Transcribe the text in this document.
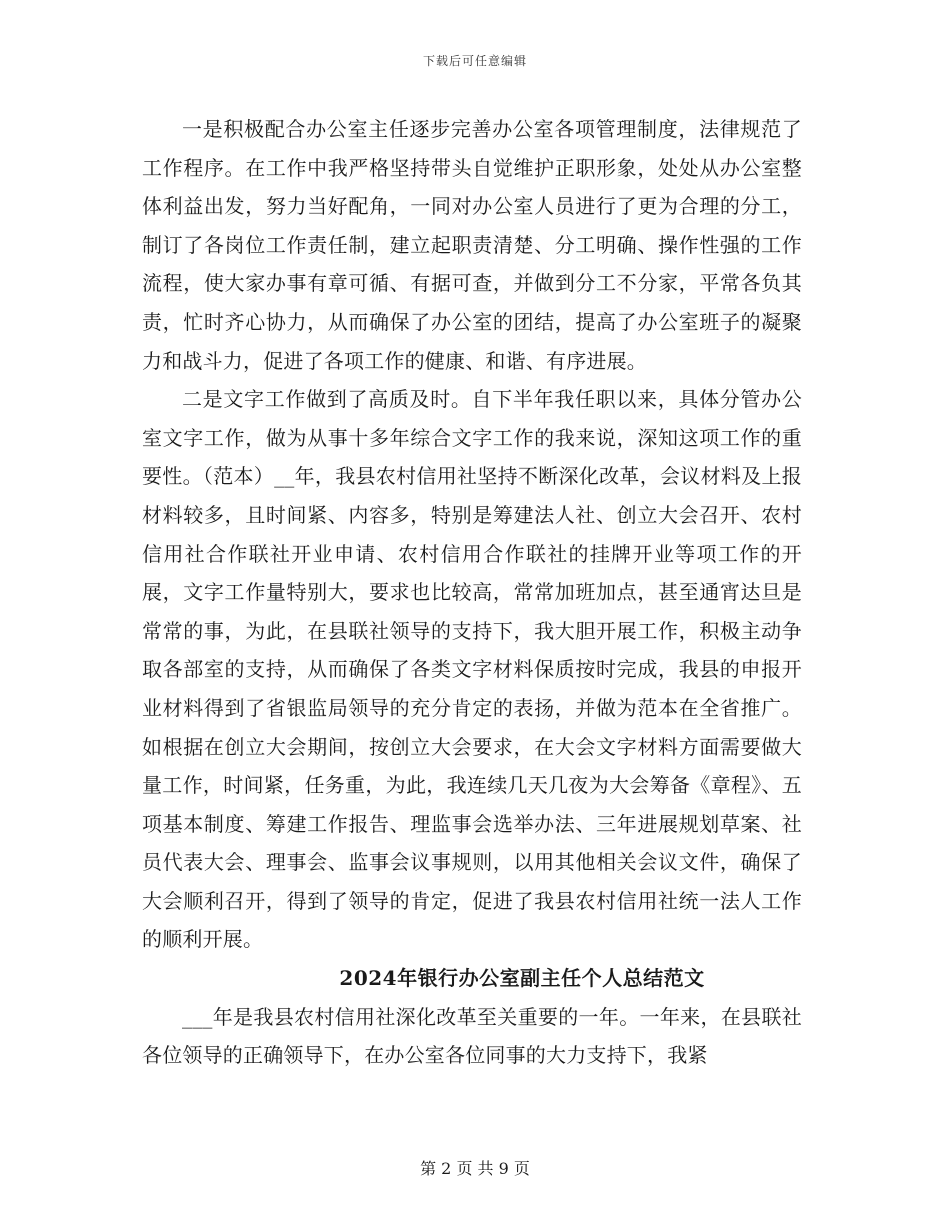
下载后可任意编辑

一是积极配合办公室主任逐步完善办公室各项管理制度，法律规范了工作程序。在工作中我严格坚持带头自觉维护正职形象，处处从办公室整体利益出发，努力当好配角，一同对办公室人员进行了更为合理的分工，制订了各岗位工作责任制，建立起职责清楚、分工明确、操作性强的工作流程，使大家办事有章可循、有据可查，并做到分工不分家，平常各负其责，忙时齐心协力，从而确保了办公室的团结，提高了办公室班子的凝聚力和战斗力，促进了各项工作的健康、和谐、有序进展。

二是文字工作做到了高质及时。自下半年我任职以来，具体分管办公室文字工作，做为从事十多年综合文字工作的我来说，深知这项工作的重要性。（范本）__年，我县农村信用社坚持不断深化改革，会议材料及上报材料较多，且时间紧、内容多，特别是筹建法人社、创立大会召开、农村信用社合作联社开业申请、农村信用合作联社的挂牌开业等项工作的开展，文字工作量特别大，要求也比较高，常常加班加点，甚至通宵达旦是常常的事，为此，在县联社领导的支持下，我大胆开展工作，积极主动争取各部室的支持，从而确保了各类文字材料保质按时完成，我县的申报开业材料得到了省银监局领导的充分肯定的表扬，并做为范本在全省推广。如根据在创立大会期间，按创立大会要求，在大会文字材料方面需要做大量工作，时间紧，任务重，为此，我连续几天几夜为大会筹备《章程》、五项基本制度、筹建工作报告、理监事会选举办法、三年进展规划草案、社员代表大会、理事会、监事会议事规则，以用其他相关会议文件，确保了大会顺利召开，得到了领导的肯定，促进了我县农村信用社统一法人工作的顺利开展。

2024年银行办公室副主任个人总结范文

___年是我县农村信用社深化改革至关重要的一年。一年来，在县联社各位领导的正确领导下，在办公室各位同事的大力支持下，我紧

第 2 页 共 9 页
